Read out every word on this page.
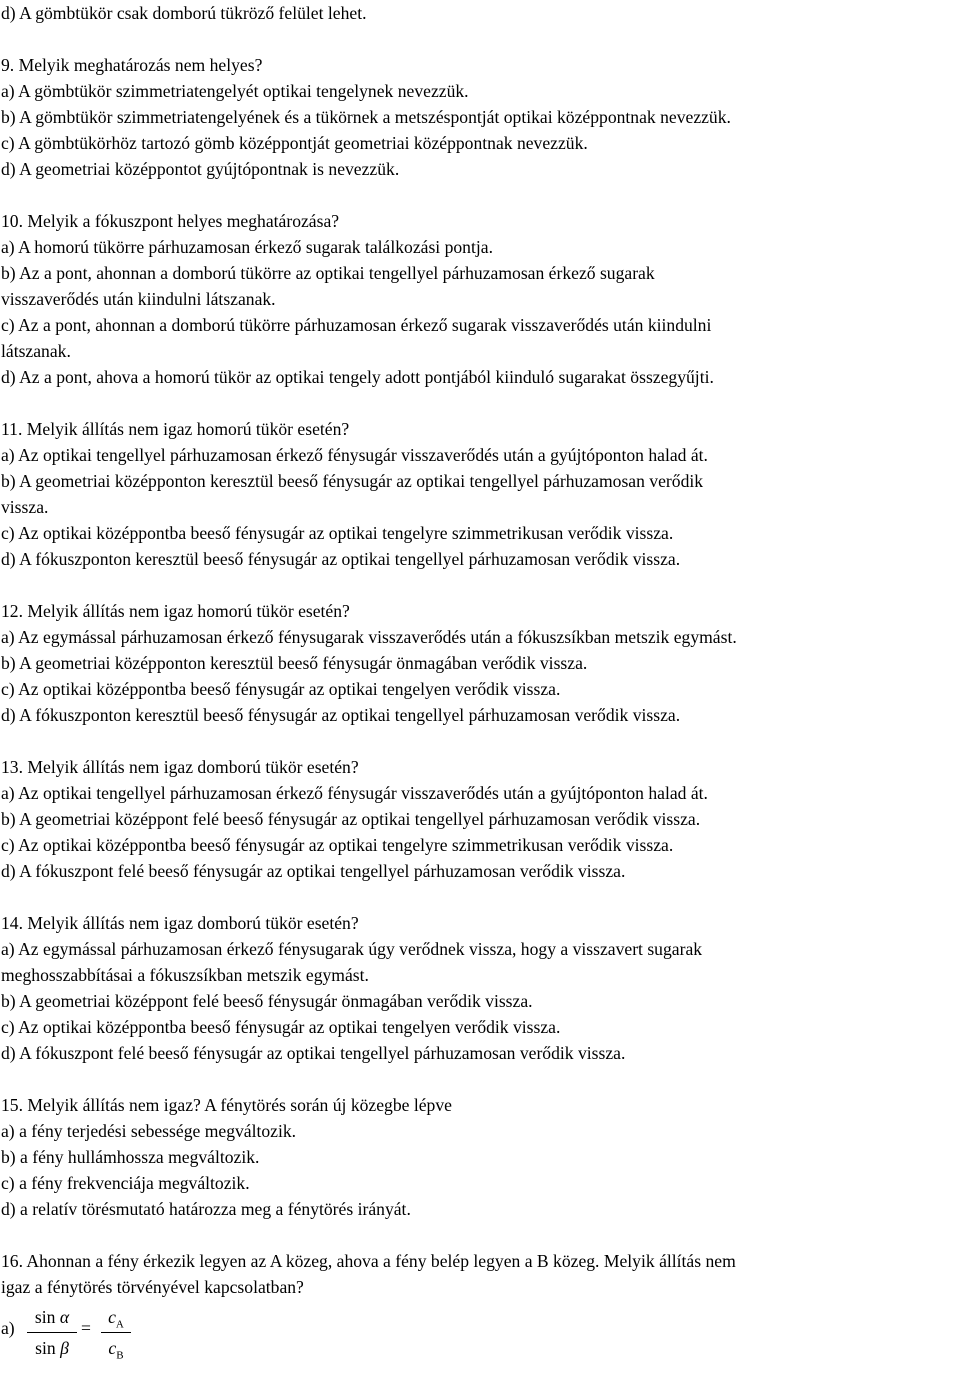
d) A gömbtükör csak domború tükröző felület lehet.
9. Melyik meghatározás nem helyes?
a) A gömbtükör szimmetriatengelyét optikai tengelynek nevezzük.
b) A gömbtükör szimmetriatengelyének és a tükörnek a metszéspontját optikai középpontnak nevezzük.
c) A gömbtükörhöz tartozó gömb középpontját geometriai középpontnak nevezzük.
d) A geometriai középpontot gyújtópontnak is nevezzük.
10. Melyik a fókuszpont helyes meghatározása?
a) A homorú tükörre párhuzamosan érkező sugarak találkozási pontja.
b) Az a pont, ahonnan a domború tükörre az optikai tengellyel párhuzamosan érkező sugarak
visszaverődés után kiindulni látszanak.
c) Az a pont, ahonnan a domború tükörre párhuzamosan érkező sugarak visszaverődés után kiindulni
látszanak.
d) Az a pont, ahova a homorú tükör az optikai tengely adott pontjából kiinduló sugarakat összegyűjti.
11. Melyik állítás nem igaz homorú tükör esetén?
a) Az optikai tengellyel párhuzamosan érkező fénysugár visszaverődés után a gyújtóponton halad át.
b) A geometriai középponton keresztül beeső fénysugár az optikai tengellyel párhuzamosan verődik
vissza.
c) Az optikai középpontba beeső fénysugár az optikai tengelyre szimmetrikusan verődik vissza.
d) A fókuszponton keresztül beeső fénysugár az optikai tengellyel párhuzamosan verődik vissza.
12. Melyik állítás nem igaz homorú tükör esetén?
a) Az egymással párhuzamosan érkező fénysugarak visszaverődés után a fókuszsíkban metszik egymást.
b) A geometriai középponton keresztül beeső fénysugár önmagában verődik vissza.
c) Az optikai középpontba beeső fénysugár az optikai tengelyen verődik vissza.
d) A fókuszponton keresztül beeső fénysugár az optikai tengellyel párhuzamosan verődik vissza.
13. Melyik állítás nem igaz domború tükör esetén?
a) Az optikai tengellyel párhuzamosan érkező fénysugár visszaverődés után a gyújtóponton halad át.
b) A geometriai középpont felé beeső fénysugár az optikai tengellyel párhuzamosan verődik vissza.
c) Az optikai középpontba beeső fénysugár az optikai tengelyre szimmetrikusan verődik vissza.
d) A fókuszpont felé beeső fénysugár az optikai tengellyel párhuzamosan verődik vissza.
14. Melyik állítás nem igaz domború tükör esetén?
a) Az egymással párhuzamosan érkező fénysugarak úgy verődnek vissza, hogy a visszavert sugarak
meghosszabbításai a fókuszsíkban metszik egymást.
b) A geometriai középpont felé beeső fénysugár önmagában verődik vissza.
c) Az optikai középpontba beeső fénysugár az optikai tengelyen verődik vissza.
d) A fókuszpont felé beeső fénysugár az optikai tengellyel párhuzamosan verődik vissza.
15. Melyik állítás nem igaz? A fénytörés során új közegbe lépve
a) a fény terjedési sebessége megváltozik.
b) a fény hullámhossza megváltozik.
c) a fény frekvenciája megváltozik.
d) a relatív törésmutató határozza meg a fénytörés irányát.
16. Ahonnan a fény érkezik legyen az A közeg, ahova a fény belép legyen a B közeg. Melyik állítás nem
igaz a fénytörés törvényével kapcsolatban?
a)
sin α
sin β
=
$c_A$
$c_B$
